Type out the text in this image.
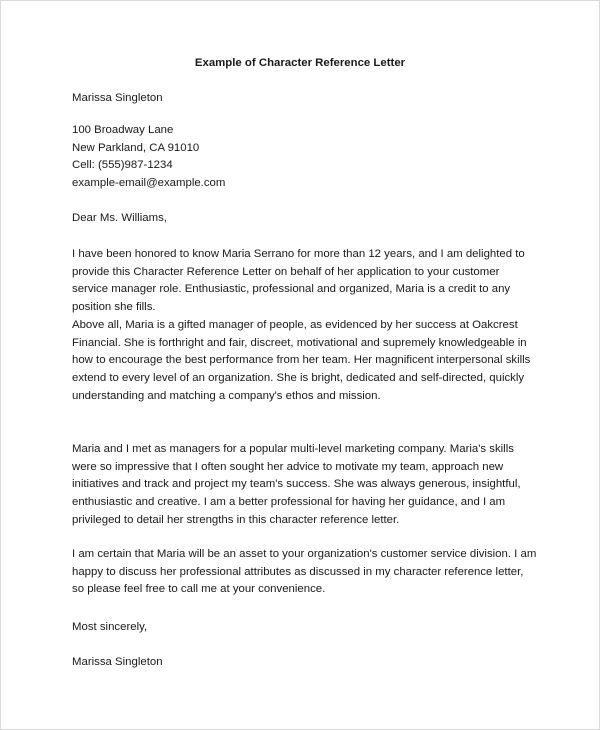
Example of Character Reference Letter

Marissa Singleton

100 Broadway Lane
New Parkland, CA 91010
Cell: (555)987-1234
example-email@example.com

Dear Ms. Williams,

I have been honored to know Maria Serrano for more than 12 years, and I am delighted to
provide this Character Reference Letter on behalf of her application to your customer
service manager role. Enthusiastic, professional and organized, Maria is a credit to any
position she fills.

Above all, Maria is a gifted manager of people, as evidenced by her success at Oakcrest
Financial. She is forthright and fair, discreet, motivational and supremely knowledgeable in
how to encourage the best performance from her team. Her magnificent interpersonal skills
extend to every level of an organization. She is bright, dedicated and self-directed, quickly
understanding and matching a company's ethos and mission.

Maria and I met as managers for a popular multi-level marketing company. Maria's skills
were so impressive that I often sought her advice to motivate my team, approach new
initiatives and track and project my team's success. She was always generous, insightful,
enthusiastic and creative. I am a better professional for having her guidance, and I am
privileged to detail her strengths in this character reference letter.

I am certain that Maria will be an asset to your organization's customer service division. I am
happy to discuss her professional attributes as discussed in my character reference letter,
so please feel free to call me at your convenience.

Most sincerely,

Marissa Singleton
